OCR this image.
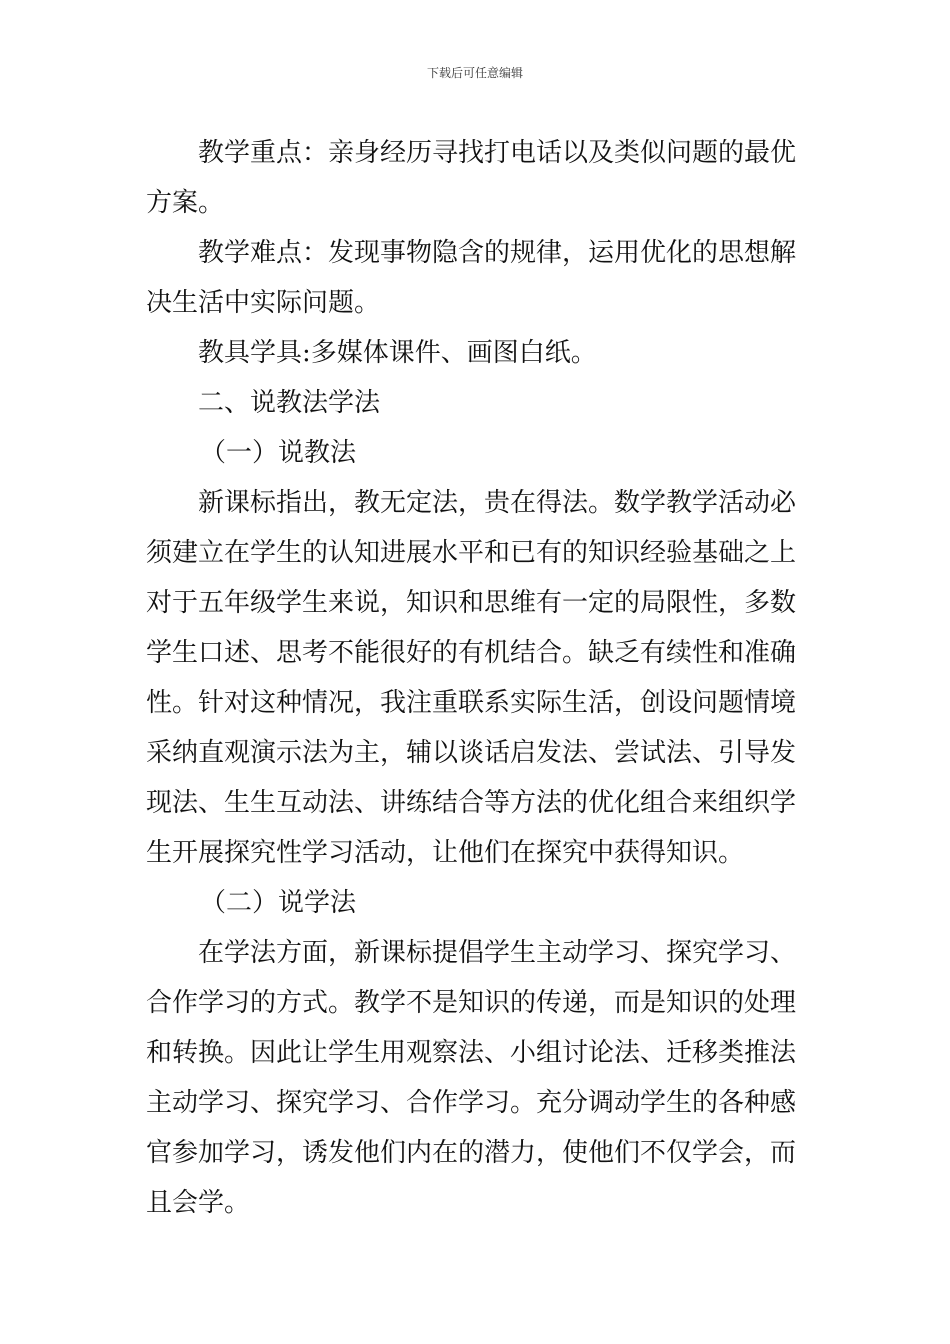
下载后可任意编辑
教学重点：亲身经历寻找打电话以及类似问题的最优
方案。
教学难点：发现事物隐含的规律，运用优化的思想解
决生活中实际问题。
教具学具:多媒体课件、画图白纸。
二、说教法学法
（一）说教法
新课标指出，教无定法，贵在得法。数学教学活动必
须建立在学生的认知进展水平和已有的知识经验基础之上
对于五年级学生来说，知识和思维有一定的局限性，多数
学生口述、思考不能很好的有机结合。缺乏有续性和准确
性。针对这种情况，我注重联系实际生活，创设问题情境
采纳直观演示法为主，辅以谈话启发法、尝试法、引导发
现法、生生互动法、讲练结合等方法的优化组合来组织学
生开展探究性学习活动，让他们在探究中获得知识。
（二）说学法
在学法方面，新课标提倡学生主动学习、探究学习、
合作学习的方式。教学不是知识的传递，而是知识的处理
和转换。因此让学生用观察法、小组讨论法、迁移类推法
主动学习、探究学习、合作学习。充分调动学生的各种感
官参加学习，诱发他们内在的潜力，使他们不仅学会，而
且会学。
